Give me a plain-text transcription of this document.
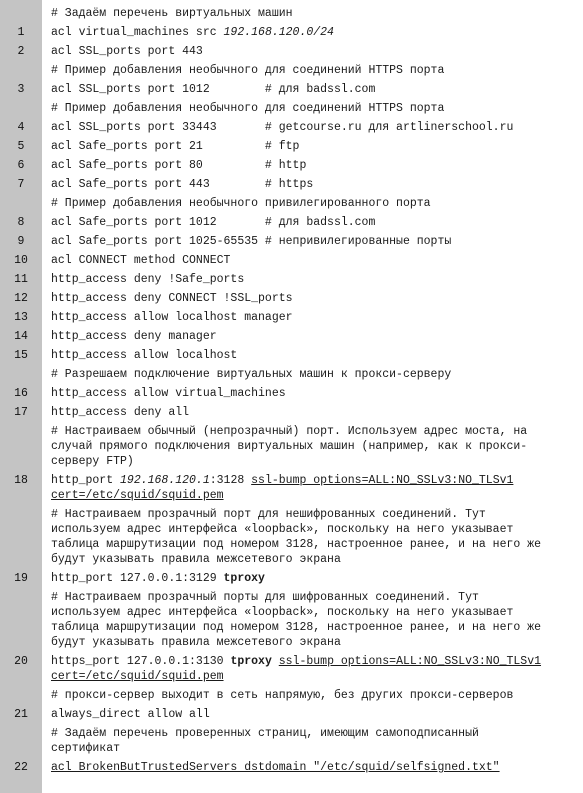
# Задаём перечень виртуальных машин
1	acl virtual_machines src 192.168.120.0/24
2	acl SSL_ports port 443
# Пример добавления необычного для соединений HTTPS порта
3	acl SSL_ports port 1012        # для badssl.com
# Пример добавления необычного для соединений HTTPS порта
4	acl SSL_ports port 33443       # getcourse.ru для artlinerschool.ru
5	acl Safe_ports port 21         # ftp
6	acl Safe_ports port 80         # http
7	acl Safe_ports port 443        # https
# Пример добавления необычного привилегированного порта
8	acl Safe_ports port 1012       # для badssl.com
9	acl Safe_ports port 1025-65535 # непривилегированные порты
10	acl CONNECT method CONNECT
11	http_access deny !Safe_ports
12	http_access deny CONNECT !SSL_ports
13	http_access allow localhost manager
14	http_access deny manager
15	http_access allow localhost
# Разрешаем подключение виртуальных машин к прокси-серверу
16	http_access allow virtual_machines
17	http_access deny all
# Настраиваем обычный (непрозрачный) порт. Используем адрес моста, на
случай прямого подключения виртуальных машин (например, как к прокси-
серверу FTP)
18	http_port 192.168.120.1:3128 ssl-bump options=ALL:NO_SSLv3:NO_TLSv1
cert=/etc/squid/squid.pem
# Настраиваем прозрачный порт для нешифрованных соединений. Тут
используем адрес интерфейса «loopback», поскольку на него указывает
таблица маршрутизации под номером 3128, настроенное ранее, и на него же
будут указывать правила межсетевого экрана
19	http_port 127.0.0.1:3129 tproxy
# Настраиваем прозрачный порты для шифрованных соединений. Тут
используем адрес интерфейса «loopback», поскольку на него указывает
таблица маршрутизации под номером 3128, настроенное ранее, и на него же
будут указывать правила межсетевого экрана
20	https_port 127.0.0.1:3130 tproxy ssl-bump options=ALL:NO_SSLv3:NO_TLSv1
cert=/etc/squid/squid.pem
# прокси-сервер выходит в сеть напрямую, без других прокси-серверов
21	always_direct allow all
# Задаём перечень проверенных страниц, имеющим самоподписанный
сертификат
22	acl BrokenButTrustedServers dstdomain "/etc/squid/selfsigned.txt"
